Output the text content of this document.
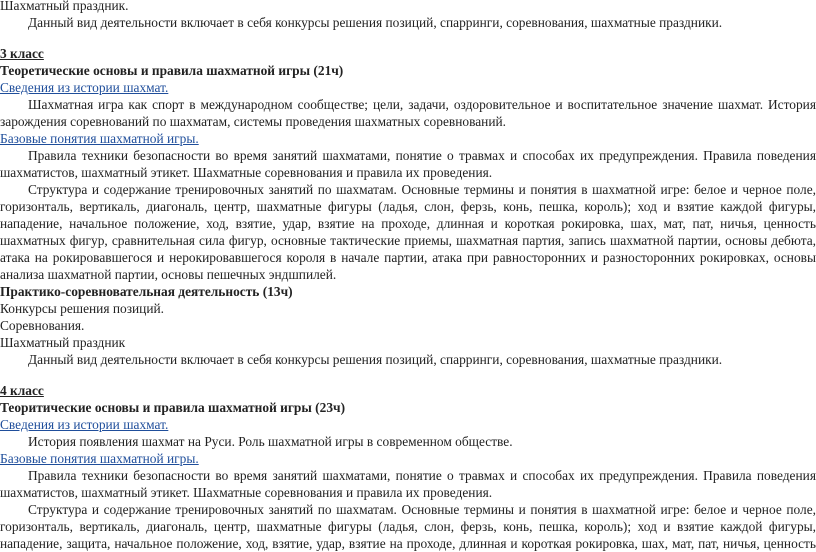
Шахматный праздник.
Данный вид деятельности включает в себя конкурсы решения позиций, спарринги, соревнования, шахматные праздники.
3 класс
Теоретические основы и правила шахматной игры (21ч)
Сведения из истории шахмат.
Шахматная игра как спорт в международном сообществе; цели, задачи, оздоровительное и воспитательное значение шахмат. История
зарождения соревнований по шахматам, системы проведения шахматных соревнований.
Базовые понятия шахматной игры.
Правила техники безопасности во время занятий шахматами, понятие о травмах и способах их предупреждения. Правила поведения
шахматистов, шахматный этикет. Шахматные соревнования и правила их проведения.
Структура и содержание тренировочных занятий по шахматам. Основные термины и понятия в шахматной игре: белое и черное поле,
горизонталь, вертикаль, диагональ, центр, шахматные фигуры (ладья, слон, ферзь, конь, пешка, король); ход и взятие каждой фигуры,
нападение, начальное положение, ход, взятие, удар, взятие на проходе, длинная и короткая рокировка, шах, мат, пат, ничья, ценность
шахматных фигур, сравнительная сила фигур, основные тактические приемы, шахматная партия, запись шахматной партии, основы дебюта,
атака на рокировавшегося и нерокировавшегося короля в начале партии, атака при равносторонних и разносторонних рокировках, основы
анализа шахматной партии, основы пешечных эндшпилей.
Практико-соревновательная деятельность (13ч)
Конкурсы решения позиций.
Соревнования.
Шахматный праздник
Данный вид деятельности включает в себя конкурсы решения позиций, спарринги, соревнования, шахматные праздники.
4 класс
Теоритические основы и правила шахматной игры (23ч)
Сведения из истории шахмат.
История появления шахмат на Руси. Роль шахматной игры в современном обществе.
Базовые понятия шахматной игры.
Правила техники безопасности во время занятий шахматами, понятие о травмах и способах их предупреждения. Правила поведения
шахматистов, шахматный этикет. Шахматные соревнования и правила их проведения.
Структура и содержание тренировочных занятий по шахматам. Основные термины и понятия в шахматной игре: белое и черное поле,
горизонталь, вертикаль, диагональ, центр, шахматные фигуры (ладья, слон, ферзь, конь, пешка, король); ход и взятие каждой фигуры,
нападение, защита, начальное положение, ход, взятие, удар, взятие на проходе, длинная и короткая рокировка, шах, мат, пат, ничья, ценность
